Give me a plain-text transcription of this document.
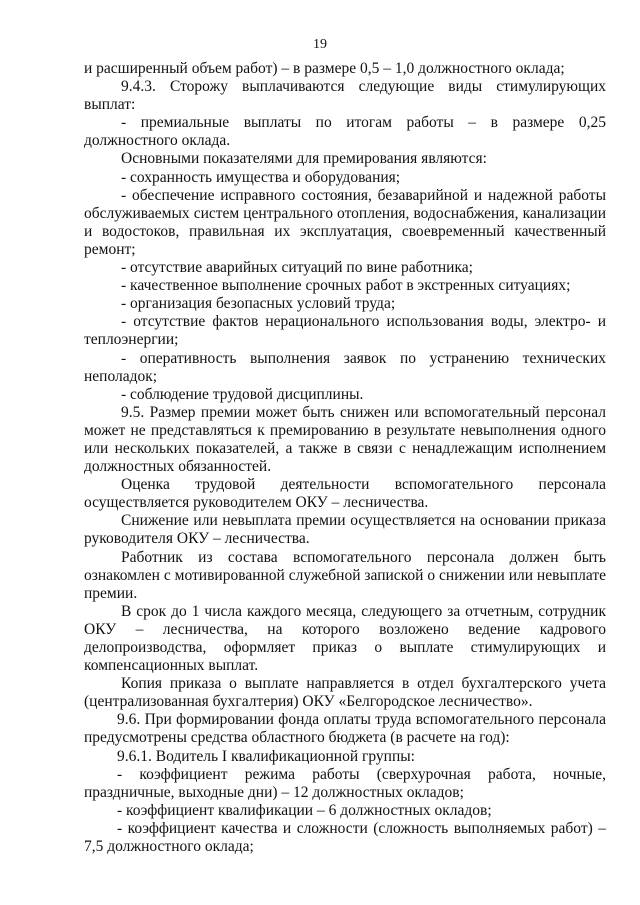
19

и расширенный объем работ) – в размере 0,5 – 1,0 должностного оклада;

9.4.3. Сторожу выплачиваются следующие виды стимулирующих выплат:

- премиальные выплаты по итогам работы – в размере 0,25 должностного оклада.

Основными показателями для премирования являются:

- сохранность имущества и оборудования;

- обеспечение исправного состояния, безаварийной и надежной работы обслуживаемых систем центрального отопления, водоснабжения, канализации и водостоков, правильная их эксплуатация, своевременный качественный ремонт;

- отсутствие аварийных ситуаций по вине работника;

- качественное выполнение срочных работ в экстренных ситуациях;

- организация безопасных условий труда;

- отсутствие фактов нерационального использования воды, электро- и теплоэнергии;

- оперативность выполнения заявок по устранению технических неполадок;

- соблюдение трудовой дисциплины.

9.5. Размер премии может быть снижен или вспомогательный персонал может не представляться к премированию в результате невыполнения одного или нескольких показателей, а также в связи с ненадлежащим исполнением должностных обязанностей.

Оценка трудовой деятельности вспомогательного персонала осуществляется руководителем ОКУ – лесничества.

Снижение или невыплата премии осуществляется на основании приказа руководителя ОКУ – лесничества.

Работник из состава вспомогательного персонала должен быть ознакомлен с мотивированной служебной запиской о снижении или невыплате премии.

В срок до 1 числа каждого месяца, следующего за отчетным, сотрудник ОКУ – лесничества, на которого возложено ведение кадрового делопроизводства, оформляет приказ о выплате стимулирующих и компенсационных выплат.

Копия приказа о выплате направляется в отдел бухгалтерского учета (централизованная бухгалтерия) ОКУ «Белгородское лесничество».

9.6. При формировании фонда оплаты труда вспомогательного персонала предусмотрены средства областного бюджета (в расчете на год):

9.6.1. Водитель I квалификационной группы:

- коэффициент режима работы (сверхурочная работа, ночные, праздничные, выходные дни) – 12 должностных окладов;

- коэффициент квалификации – 6 должностных окладов;

- коэффициент качества и сложности (сложность выполняемых работ) – 7,5 должностного оклада;
